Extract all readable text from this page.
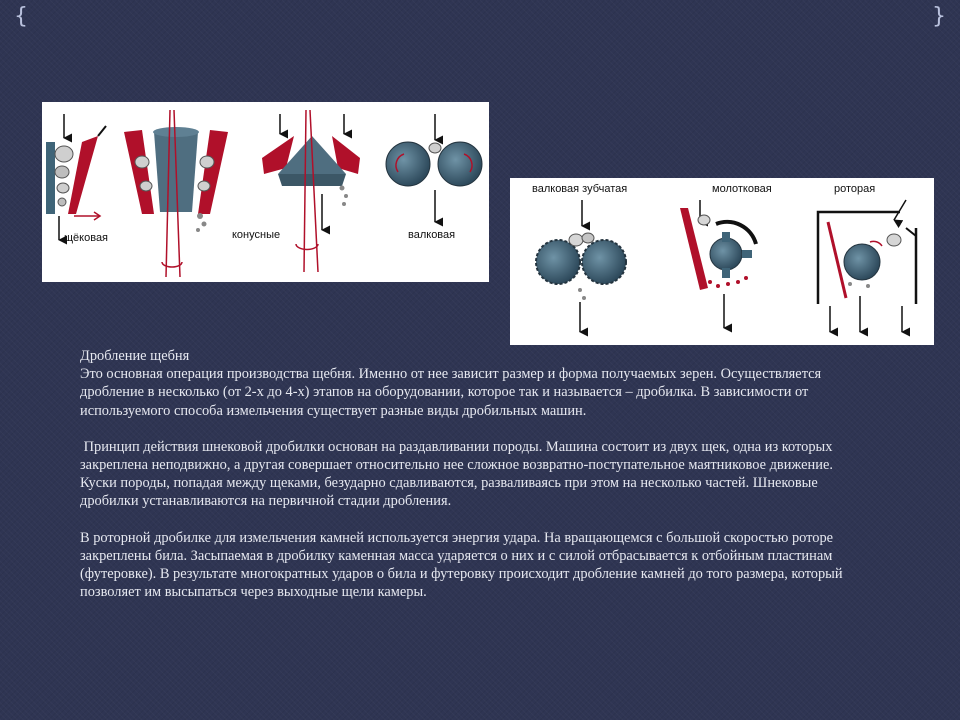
{	}
щёковая	конусные	валковая
валковая зубчатая	молотковая	роторая

Дробление щебня

Это основная операция производства щебня. Именно от нее зависит размер и форма получаемых зерен. Осуществляется дробление в несколько (от 2-х до 4-х) этапов на оборудовании, которое так и называется – дробилка. В зависимости от используемого способа измельчения существует разные виды дробильных машин.

Принцип действия шнековой дробилки основан на раздавливании породы. Машина состоит из двух щек, одна из которых закреплена неподвижно, а другая совершает относительно нее сложное возвратно-поступательное маятниковое движение. Куски породы, попадая между щеками, безударно сдавливаются, разваливаясь при этом на несколько частей. Шнековые дробилки устанавливаются на первичной стадии дробления.

В роторной дробилке для измельчения камней используется энергия удара. На вращающемся с большой скоростью роторе закреплены била. Засыпаемая в дробилку каменная масса ударяется о них и с силой отбрасывается к отбойным пластинам (футеровке). В результате многократных ударов о била и футеровку происходит дробление камней до того размера, который позволяет им высыпаться через выходные щели камеры.
